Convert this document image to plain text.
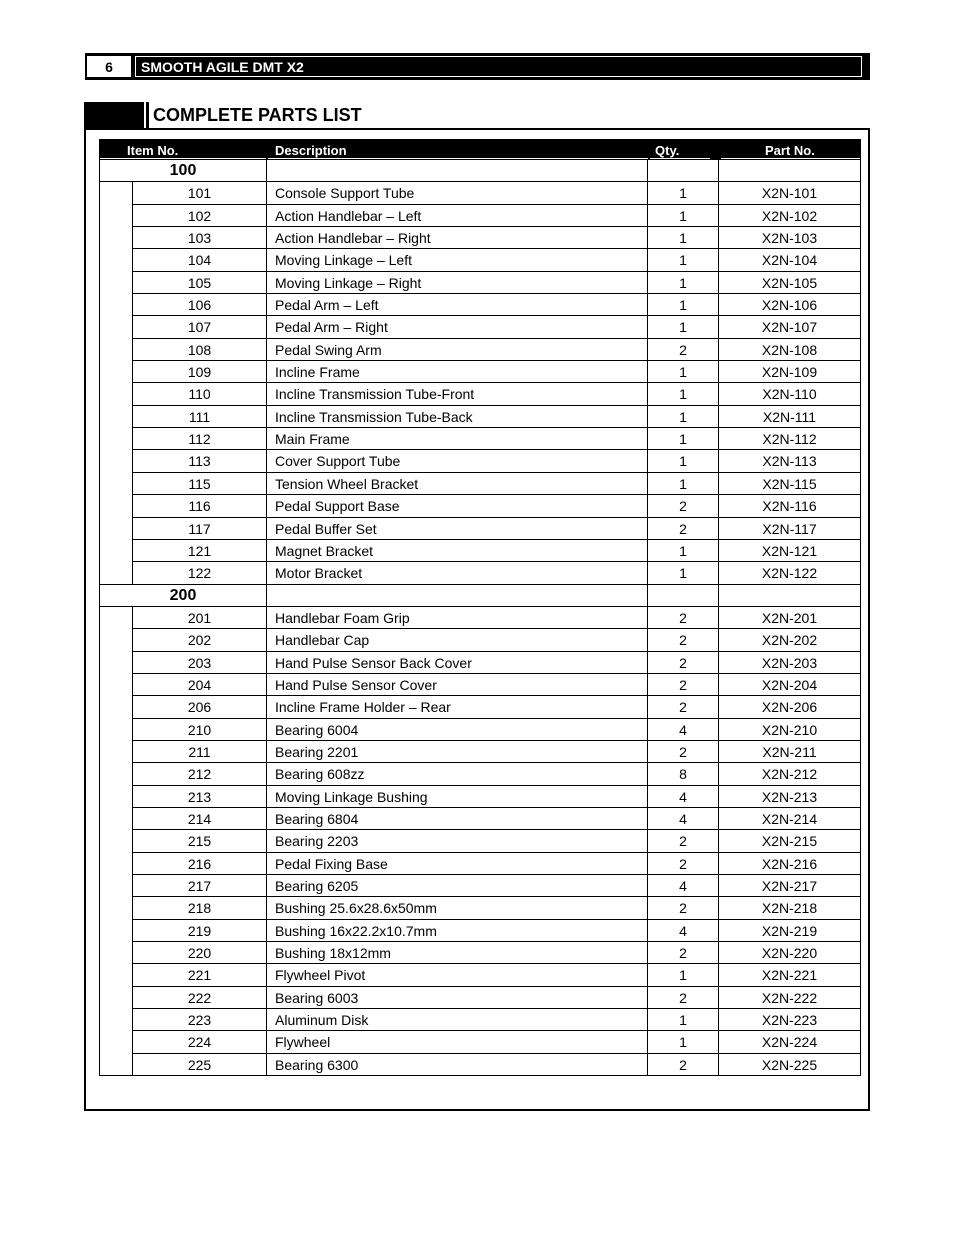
6	SMOOTH AGILE DMT X2
COMPLETE PARTS LIST
Item No.	Description	Qty.	Part No.
100
101	Console Support Tube	1	X2N-101
102	Action Handlebar – Left	1	X2N-102
103	Action Handlebar – Right	1	X2N-103
104	Moving Linkage – Left	1	X2N-104
105	Moving Linkage – Right	1	X2N-105
106	Pedal Arm – Left	1	X2N-106
107	Pedal Arm – Right	1	X2N-107
108	Pedal Swing Arm	2	X2N-108
109	Incline Frame	1	X2N-109
110	Incline Transmission Tube-Front	1	X2N-110
111	Incline Transmission Tube-Back	1	X2N-111
112	Main Frame	1	X2N-112
113	Cover Support Tube	1	X2N-113
115	Tension Wheel Bracket	1	X2N-115
116	Pedal Support Base	2	X2N-116
117	Pedal Buffer Set	2	X2N-117
121	Magnet Bracket	1	X2N-121
122	Motor Bracket	1	X2N-122
200
201	Handlebar Foam Grip	2	X2N-201
202	Handlebar Cap	2	X2N-202
203	Hand Pulse Sensor Back Cover	2	X2N-203
204	Hand Pulse Sensor Cover	2	X2N-204
206	Incline Frame Holder – Rear	2	X2N-206
210	Bearing 6004	4	X2N-210
211	Bearing 2201	2	X2N-211
212	Bearing 608zz	8	X2N-212
213	Moving Linkage Bushing	4	X2N-213
214	Bearing 6804	4	X2N-214
215	Bearing 2203	2	X2N-215
216	Pedal Fixing Base	2	X2N-216
217	Bearing 6205	4	X2N-217
218	Bushing 25.6x28.6x50mm	2	X2N-218
219	Bushing 16x22.2x10.7mm	4	X2N-219
220	Bushing 18x12mm	2	X2N-220
221	Flywheel Pivot	1	X2N-221
222	Bearing 6003	2	X2N-222
223	Aluminum Disk	1	X2N-223
224	Flywheel	1	X2N-224
225	Bearing 6300	2	X2N-225
